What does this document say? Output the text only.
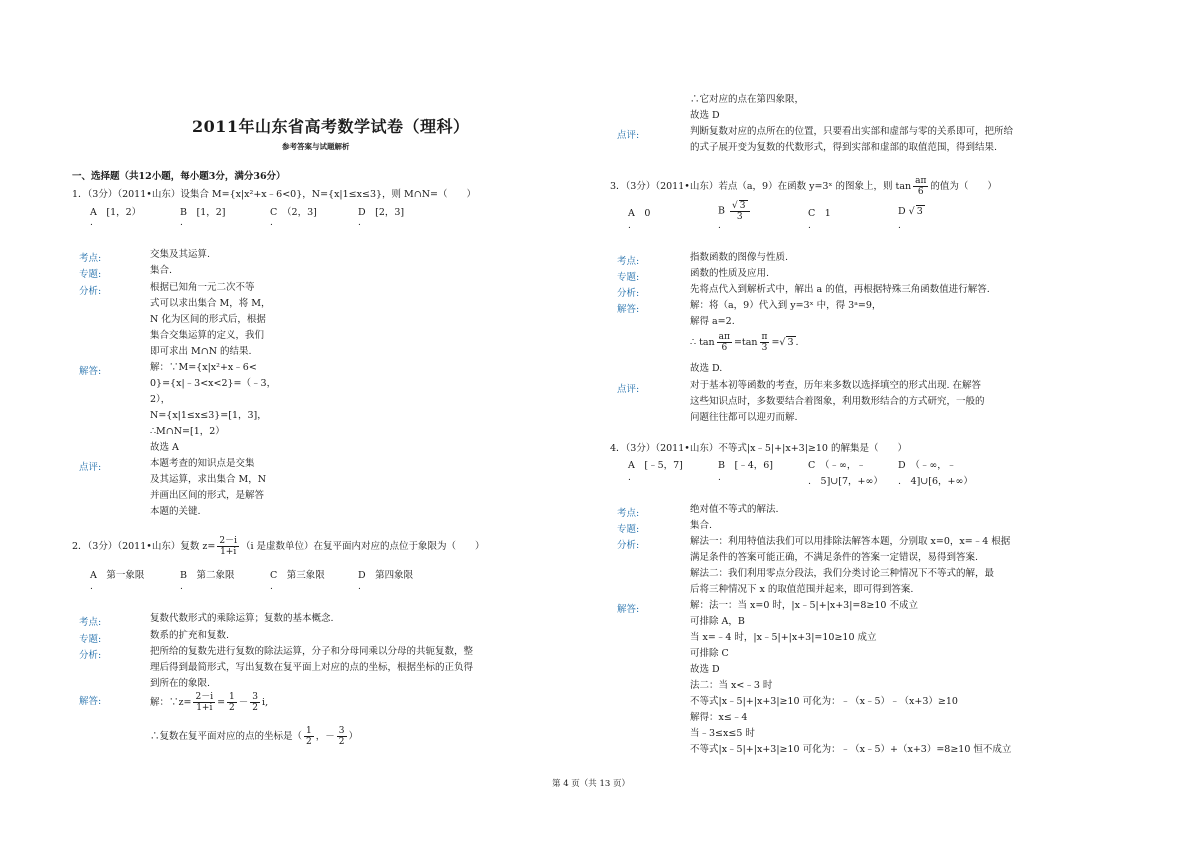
2011年山东省高考数学试卷（理科）
参考答案与试题解析
一、选择题（共12小题，每小题3分，满分36分）
1．（3分）（2011•山东）设集合 M={x|x²+x﹣6<0}，N={x|1≤x≤3}，则 M∩N=（　　）
A　[1，2）	B　[1，2]	C　（2，3]	D　[2，3]
.	.	.	.
考点:	交集及其运算.
专题:	集合.
分析:	根据已知角一元二次不等
式可以求出集合 M，将 M，
N 化为区间的形式后，根据
集合交集运算的定义，我们
即可求出 M∩N 的结果.
解答:	解：∵M={x|x²+x﹣6<
0}={x|﹣3<x<2}=（﹣3，
2），
N={x|1≤x≤3}=[1，3]，
∴M∩N=[1，2）
故选 A
点评:	本题考查的知识点是交集
及其运算，求出集合 M，N
并画出区间的形式，是解答
本题的关键.
2．（3分）（2011•山东）复数 $z= \frac{2-i}{1+i} (i$ 是虚数单位）在复平面内对应的点位于象限为（　　）
A　第一象限	B　第二象限	C　第三象限	D　第四象限
.	.	.	.
考点:	复数代数形式的乘除运算；复数的基本概念.
专题:	数系的扩充和复数.
分析:	把所给的复数先进行复数的除法运算，分子和分母同乘以分母的共轭复数，整
理后得到最简形式，写出复数在复平面上对应的点的坐标，根据坐标的正负得
到所在的象限.
解答:	解：∵z= $\frac{2-i}{1+i} = \frac{1}{2} - \frac{3}{2} i$,
∴复数在复平面对应的点的坐标是（ $\frac{1}{2}$ ，－ $\frac{3}{2}$ ）
∴它对应的点在第四象限，
故选 D
点评:	判断复数对应的点所在的位置，只要看出实部和虚部与零的关系即可，把所给
的式子展开变为复数的代数形式，得到实部和虚部的取值范围，得到结果.
3．（3分）（2011•山东）若点（a，9）在函数 y=3ˣ 的图象上，则 $\tan \frac{a\pi}{6}$ 的值为（　　）
A　0	B √ $\frac{3}{3}$	C　1	D √ 3
.	.	.	.
考点:	指数函数的图像与性质.
专题:	函数的性质及应用.
分析:	先将点代入到解析式中，解出 a 的值，再根据特殊三角函数值进行解答.
解答:	解：将（a，9）代入到 y=3ˣ 中，得 3ᵃ=9，
解得 a=2.
∴ $\tan \frac{a\pi}{6} =\tan \frac{\pi}{3}$ = √ 3 .
故选 D.
点评:	对于基本初等函数的考查，历年来多数以选择填空的形式出现. 在解答
这些知识点时，多数要结合着图象，利用数形结合的方式研究，一般的
问题往往都可以迎刃而解.
4．（3分）（2011•山东）不等式|x﹣5|+|x+3|≥10 的解集是（　　）
A　[﹣5，7]	B　[﹣4，6]	C　（﹣∞，﹣	D　（﹣∞，﹣
.	.	.　5]∪[7，+∞） .　4]∪[6，+∞）
考点:	绝对值不等式的解法.
专题:	集合.
分析:	解法一：利用特值法我们可以用排除法解答本题，分别取 x=0，x=﹣4 根据
满足条件的答案可能正确，不满足条件的答案一定错误，易得到答案.
解法二：我们利用零点分段法，我们分类讨论三种情况下不等式的解，最
后将三种情况下 x 的取值范围并起来，即可得到答案.
解答:	解：法一：当 x=0 时，|x﹣5|+|x+3|=8≥10 不成立
可排除 A，B
当 x=﹣4 时，|x﹣5|+|x+3|=10≥10 成立
可排除 C
故选 D
法二：当 x<﹣3 时
不等式|x﹣5|+|x+3|≥10 可化为：﹣（x﹣5）﹣（x+3）≥10
解得：x≤﹣4
当﹣3≤x≤5 时
不等式|x﹣5|+|x+3|≥10 可化为：﹣（x﹣5）+（x+3）=8≥10 恒不成立
第 4 页（共 13 页）
